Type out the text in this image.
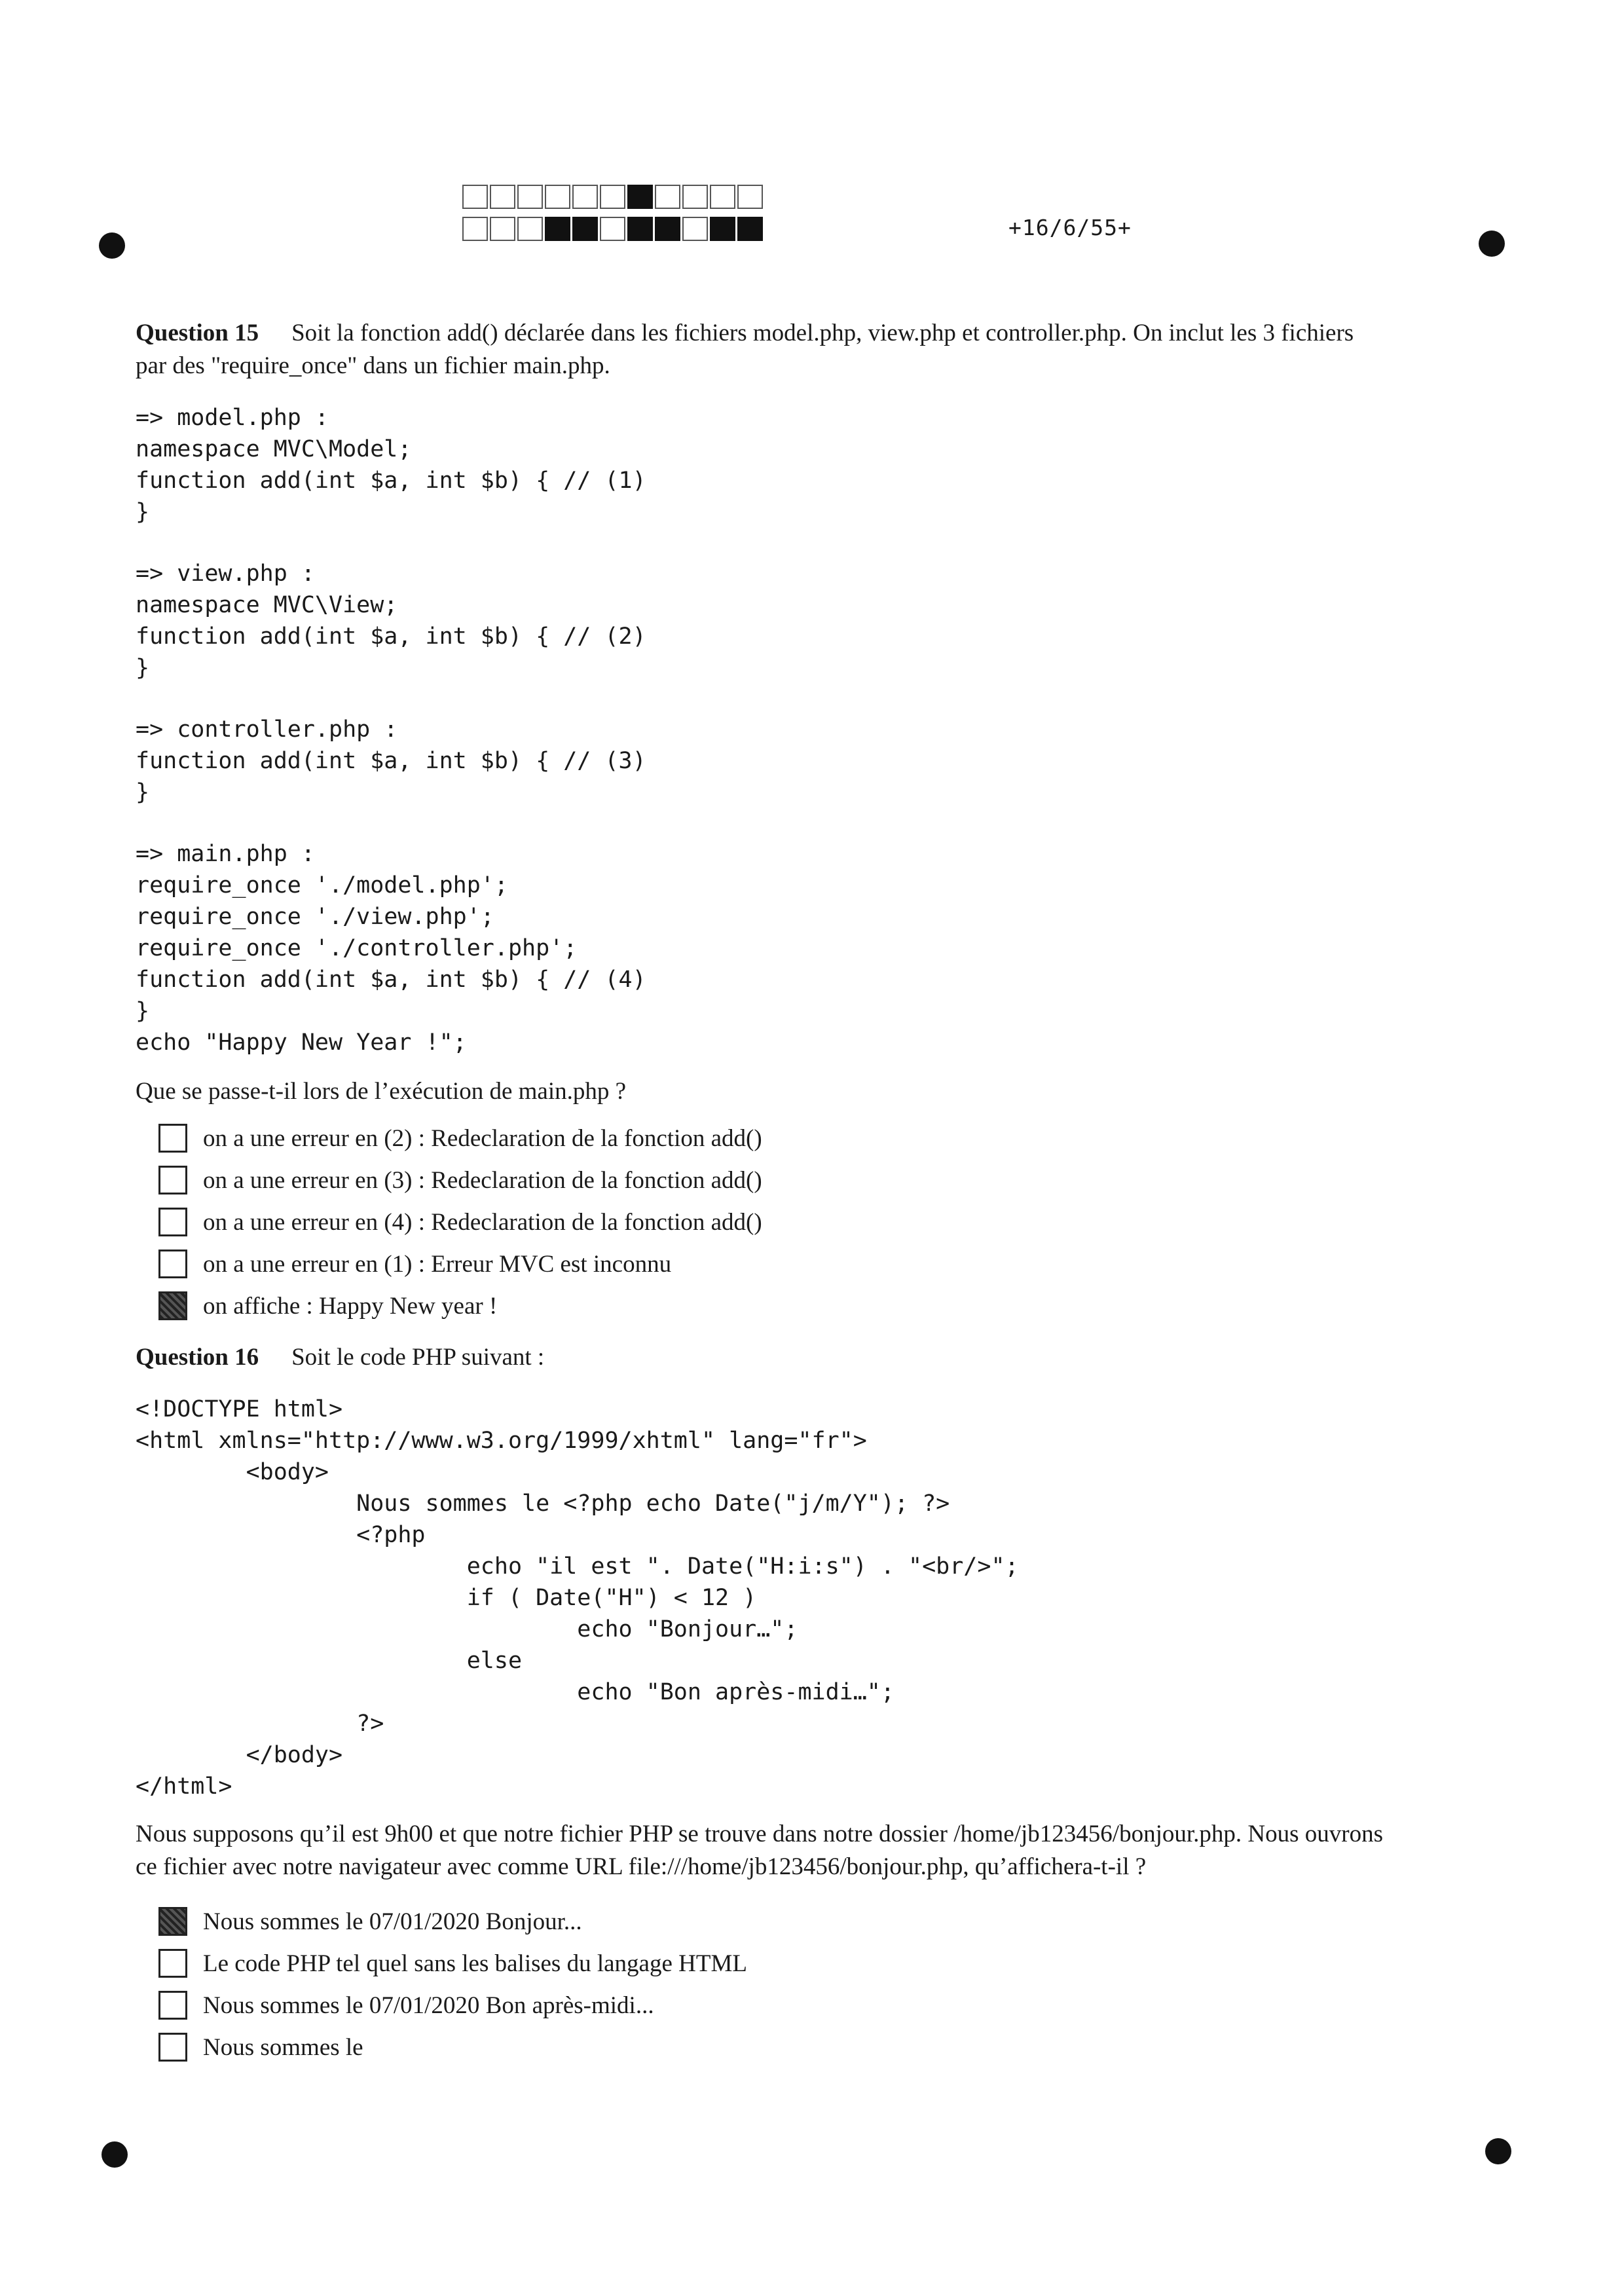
+16/6/55+
Question 15 Soit la fonction add() déclarée dans les fichiers model.php, view.php et controller.php. On inclut les 3 fichiers
par des "require_once" dans un fichier main.php.
=> model.php :
namespace MVC\Model;
function add(int $a, int $b) { // (1)
}
=> view.php :
namespace MVC\View;
function add(int $a, int $b) { // (2)
}
=> controller.php :
function add(int $a, int $b) { // (3)
}
=> main.php :
require_once './model.php';
require_once './view.php';
require_once './controller.php';
function add(int $a, int $b) { // (4)
}
echo "Happy New Year !";
Que se passe-t-il lors de l’exécution de main.php ?
on a une erreur en (2) : Redeclaration de la fonction add()
on a une erreur en (3) : Redeclaration de la fonction add()
on a une erreur en (4) : Redeclaration de la fonction add()
on a une erreur en (1) : Erreur MVC est inconnu
on affiche : Happy New year !
Question 16 Soit le code PHP suivant :
<!DOCTYPE html>
<html xmlns="http://www.w3.org/1999/xhtml" lang="fr">
<body>
Nous sommes le <?php echo Date("j/m/Y"); ?>
<?php
echo "il est ". Date("H:i:s") . "<br/>";
if ( Date("H") < 12 )
echo "Bonjour…";
else
echo "Bon après-midi…";
?>
</body>
</html>
Nous supposons qu’il est 9h00 et que notre fichier PHP se trouve dans notre dossier /home/jb123456/bonjour.php. Nous ouvrons
ce fichier avec notre navigateur avec comme URL file:///home/jb123456/bonjour.php, qu’affichera-t-il ?
Nous sommes le 07/01/2020 Bonjour...
Le code PHP tel quel sans les balises du langage HTML
Nous sommes le 07/01/2020 Bon après-midi...
Nous sommes le
